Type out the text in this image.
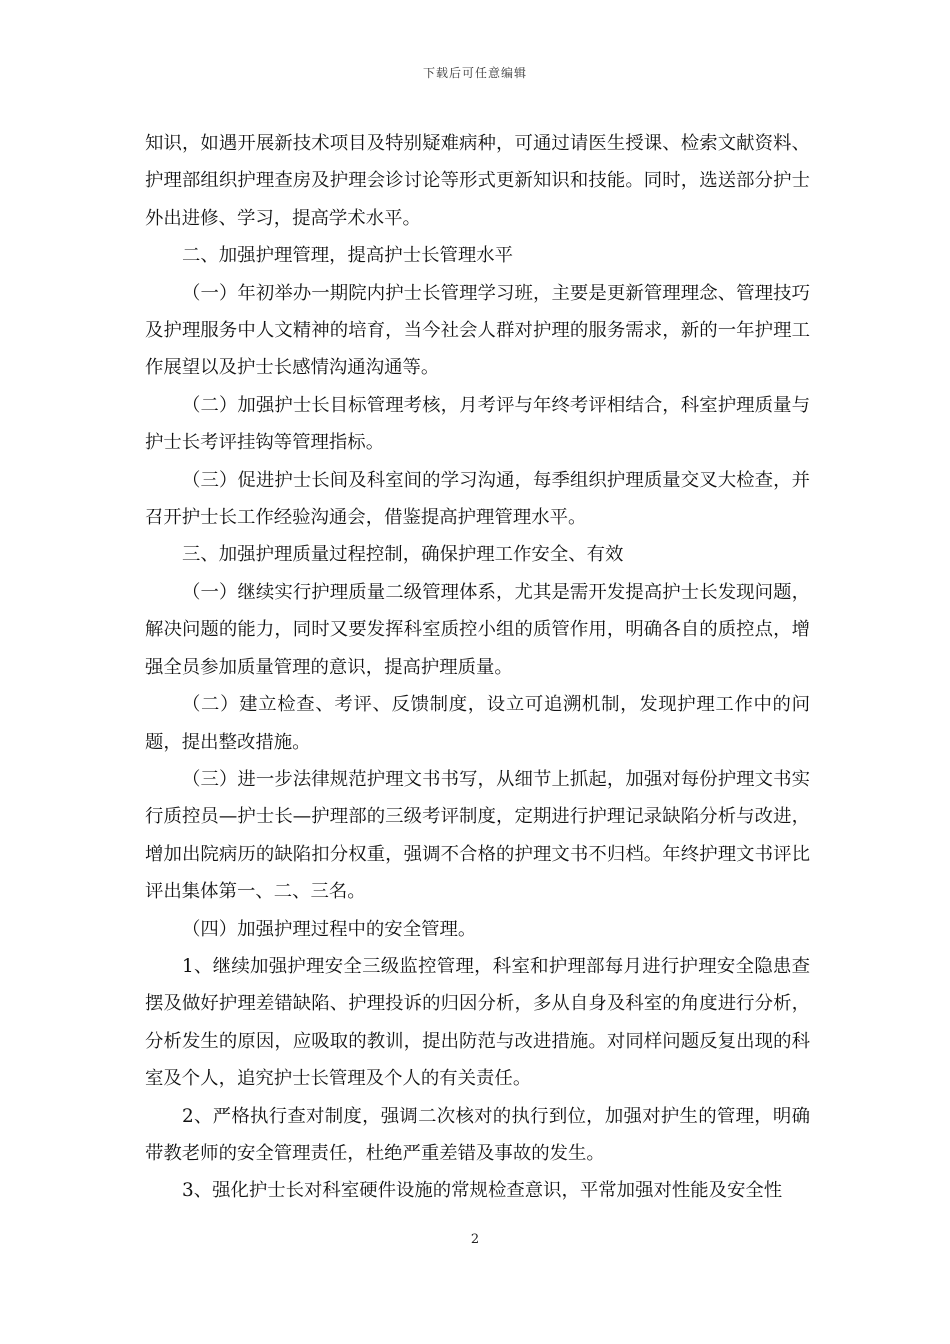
下载后可任意编辑

知识，如遇开展新技术项目及特别疑难病种，可通过请医生授课、检索文献资料、护理部组织护理查房及护理会诊讨论等形式更新知识和技能。同时，选送部分护士外出进修、学习，提高学术水平。

二、加强护理管理，提高护士长管理水平

（一）年初举办一期院内护士长管理学习班，主要是更新管理理念、管理技巧及护理服务中人文精神的培育，当今社会人群对护理的服务需求，新的一年护理工作展望以及护士长感情沟通沟通等。

（二）加强护士长目标管理考核，月考评与年终考评相结合，科室护理质量与护士长考评挂钩等管理指标。

（三）促进护士长间及科室间的学习沟通，每季组织护理质量交叉大检查，并召开护士长工作经验沟通会，借鉴提高护理管理水平。

三、加强护理质量过程控制，确保护理工作安全、有效

（一）继续实行护理质量二级管理体系，尤其是需开发提高护士长发现问题，解决问题的能力，同时又要发挥科室质控小组的质管作用，明确各自的质控点，增强全员参加质量管理的意识，提高护理质量。

（二）建立检查、考评、反馈制度，设立可追溯机制，发现护理工作中的问题，提出整改措施。

（三）进一步法律规范护理文书书写，从细节上抓起，加强对每份护理文书实行质控员—护士长—护理部的三级考评制度，定期进行护理记录缺陷分析与改进，增加出院病历的缺陷扣分权重，强调不合格的护理文书不归档。年终护理文书评比评出集体第一、二、三名。

（四）加强护理过程中的安全管理。

1、继续加强护理安全三级监控管理，科室和护理部每月进行护理安全隐患查摆及做好护理差错缺陷、护理投诉的归因分析，多从自身及科室的角度进行分析，分析发生的原因，应吸取的教训，提出防范与改进措施。对同样问题反复出现的科室及个人，追究护士长管理及个人的有关责任。

2、严格执行查对制度，强调二次核对的执行到位，加强对护生的管理，明确带教老师的安全管理责任，杜绝严重差错及事故的发生。

3、强化护士长对科室硬件设施的常规检查意识，平常加强对性能及安全性

2
